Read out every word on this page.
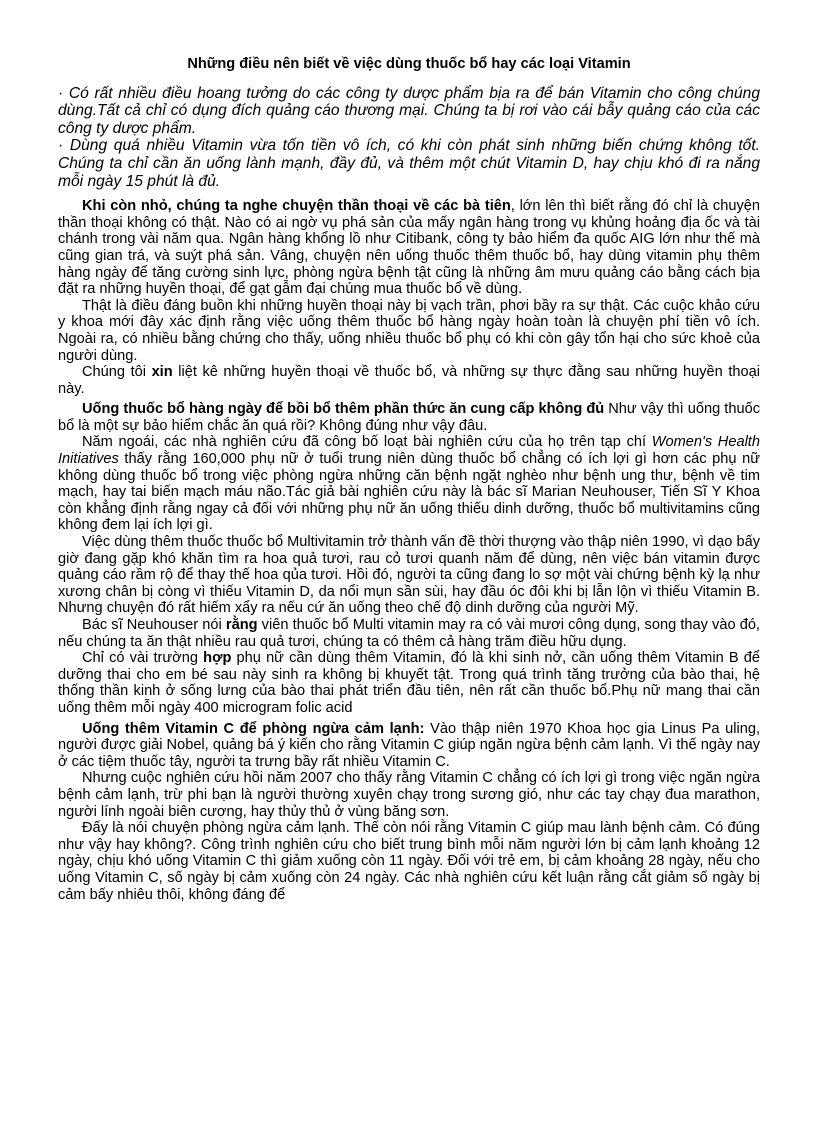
Những điều nên biết về việc dùng thuốc bổ hay các loại Vitamin

· Có rất nhiều điều hoang tưởng do các công ty dược phẩm bịa ra để bán Vitamin cho công chúng dùng.Tất cả chỉ có dụng đích quảng cáo thương mại. Chúng ta bị rơi vào cái bẫy quảng cáo của các công ty dược phẩm.

· Dùng quá nhiều Vitamin vừa tốn tiền vô ích, có khi còn phát sinh những biến chứng không tốt. Chúng ta chỉ cần ăn uống lành mạnh, đầy đủ, và thêm một chút Vitamin D, hay chịu khó đi ra nắng mỗi ngày 15 phút là đủ.

Khi còn nhỏ, chúng ta nghe chuyện thần thoại về các bà tiên, lớn lên thì biết rằng đó chỉ là chuyện thần thoại không có thật. Nào có ai ngờ vụ phá sản của mấy ngân hàng trong vụ khủng hoảng địa ốc và tài chánh trong vài năm qua. Ngân hàng khổng lồ như Citibank, công ty bảo hiểm đa quốc AIG lớn như thế mà cũng gian trá, và suýt phá sản. Vâng, chuyện nên uống thuốc thêm thuốc bổ, hay dùng vitamin phụ thêm hàng ngày để tăng cường sinh lực, phòng ngừa bệnh tật cũng là những âm mưu quảng cáo bằng cách bịa đặt ra những huyền thoại, để gạt gẫm đại chúng mua thuốc bổ về dùng.

Thật là điều đáng buồn khi những huyền thoại này bị vạch trần, phơi bầy ra sự thật. Các cuộc khảo cứu y khoa mới đây xác định rằng việc uống thêm thuốc bổ hàng ngày hoàn toàn là chuyện phí tiền vô ích. Ngoài ra, có nhiều bằng chứng cho thấy, uống nhiều thuốc bổ phụ có khi còn gây tổn hại cho sức khoẻ của người dùng.

Chúng tôi xin liệt kê những huyền thoại về thuốc bổ, và những sự thực đằng sau những huyền thoại này.

Uống thuốc bổ hàng ngày để bồi bổ thêm phần thức ăn cung cấp không đủ Như vậy thì uống thuốc bổ là một sự bảo hiểm chắc ăn quá rồi? Không đúng như vậy đâu.

Năm ngoái, các nhà nghiên cứu đã công bố loạt bài nghiên cứu của họ trên tạp chí Women's Health Initiatives thấy rằng 160,000 phụ nữ ở tuổi trung niên dùng thuốc bổ chẳng có ích lợi gì hơn các phụ nữ không dùng thuốc bổ trong việc phòng ngừa những căn bệnh ngặt nghèo như bệnh ung thư, bệnh về tim mạch, hay tai biến mạch máu não.Tác giả bài nghiên cứu này là bác sĩ Marian Neuhouser, Tiến Sĩ Y Khoa còn khẳng định rằng ngay cả đối với những phụ nữ ăn uống thiếu dinh dưỡng, thuốc bổ multivitamins cũng không đem lại ích lợi gì.

Việc dùng thêm thuốc thuốc bổ Multivitamin trở thành vấn đề thời thượng vào thập niên 1990, vì dạo bấy giờ đang gặp khó khăn tìm ra hoa quả tươi, rau cỏ tươi quanh năm để dùng, nên việc bán vitamin được quảng cáo rầm rộ để thay thế hoa qủa tươi. Hồi đó, người ta cũng đang lo sợ một vài chứng bệnh kỳ lạ như xương chân bị còng vì thiếu Vitamin D, da nổi mụn sần sùi, hay đầu óc đôi khi bị lẫn lộn vì thiếu Vitamin B. Nhưng chuyện đó rất hiếm xẩy ra nếu cứ ăn uống theo chế độ dinh dưỡng của người Mỹ.

Bác sĩ Neuhouser nói rằng viên thuốc bổ Multi vitamin may ra có vài mươi công dụng, song thay vào đó, nếu chúng ta ăn thật nhiều rau quả tươi, chúng ta có thêm cả hàng trăm điều hữu dụng.

Chỉ có vài trường hợp phụ nữ cần dùng thêm Vitamin, đó là khi sinh nở, cần uống thêm Vitamin B để dưỡng thai cho em bé sau này sinh ra không bị khuyết tật. Trong quá trình tăng trưởng của bào thai, hệ thống thần kinh ở sống lưng của bào thai phát triển đầu tiên, nên rất cần thuốc bổ.Phụ nữ mang thai cần uống thêm mỗi ngày 400 microgram folic acid

Uống thêm Vitamin C để phòng ngừa cảm lạnh: Vào thập niên 1970 Khoa học gia Linus Pa uling, người được giải Nobel, quảng bá ý kiến cho rằng Vitamin C giúp ngăn ngừa bệnh cảm lạnh. Vì thế ngày nay ở các tiệm thuốc tây, người ta trưng bầy rất nhiều Vitamin C.

Nhưng cuộc nghiên cứu hồi năm 2007 cho thấy rằng Vitamin C chẳng có ích lợi gì trong việc ngăn ngừa bệnh cảm lạnh, trừ phi bạn là người thường xuyên chạy trong sương gió, như các tay chạy đua marathon, người lính ngoài biên cương, hay thủy thủ ở vùng băng sơn.

Đấy là nói chuyện phòng ngừa cảm lạnh. Thế còn nói rằng Vitamin C giúp mau lành bệnh cảm. Có đúng như vậy hay không?. Công trình nghiên cứu cho biết trung bình mỗi năm người lớn bị cảm lạnh khoảng 12 ngày, chịu khó uống Vitamin C thì giảm xuống còn 11 ngày. Đối với trẻ em, bị cảm khoảng 28 ngày, nếu cho uống Vitamin C, số ngày bị cảm xuống còn 24 ngày. Các nhà nghiên cứu kết luận rằng cắt giảm số ngày bị cảm bấy nhiêu thôi, không đáng để
